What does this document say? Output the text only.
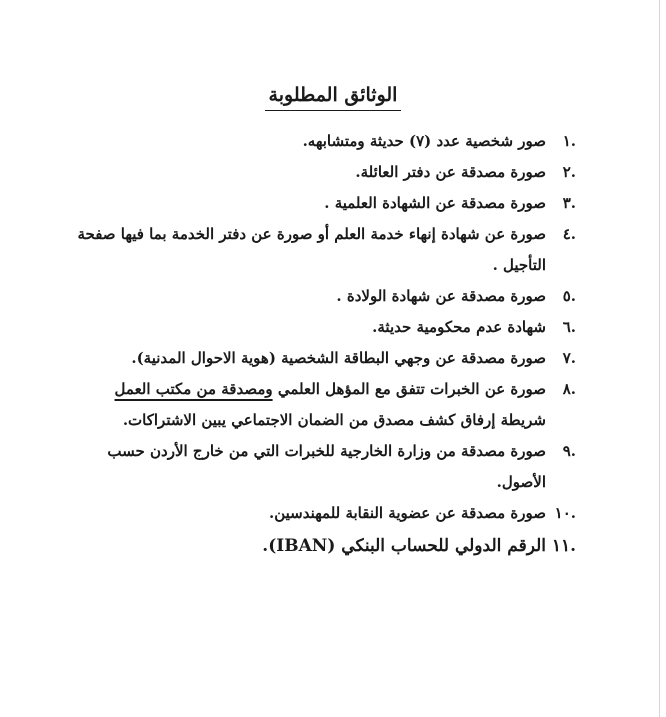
الوثائق المطلوبة
.١
صور شخصية عدد (٧) حديثة ومتشابهه.
.٢
صورة مصدقة عن دفتر العائلة.
.٣
صورة مصدقة عن الشهادة العلمية .
.٤
صورة عن شهادة إنهاء خدمة العلم أو صورة عن دفتر الخدمة بما فيها صفحة
التأجيل .
.٥
صورة مصدقة عن شهادة الولادة .
.٦
شهادة عدم محكومية حديثة.
.٧
صورة مصدقة عن وجهي البطاقة الشخصية (هوية الاحوال المدنية).
.٨
صورة عن الخبرات تتفق مع المؤهل العلمي ومصدقة من مكتب العمل
شريطة إرفاق كشف مصدق من الضمان الاجتماعي يبين الاشتراكات.
.٩
صورة مصدقة من وزارة الخارجية للخبرات التي من خارج الأردن حسب الأصول.
.١٠
صورة مصدقة عن عضوية النقابة للمهندسين.
.١١
الرقم الدولي للحساب البنكي (IBAN).
